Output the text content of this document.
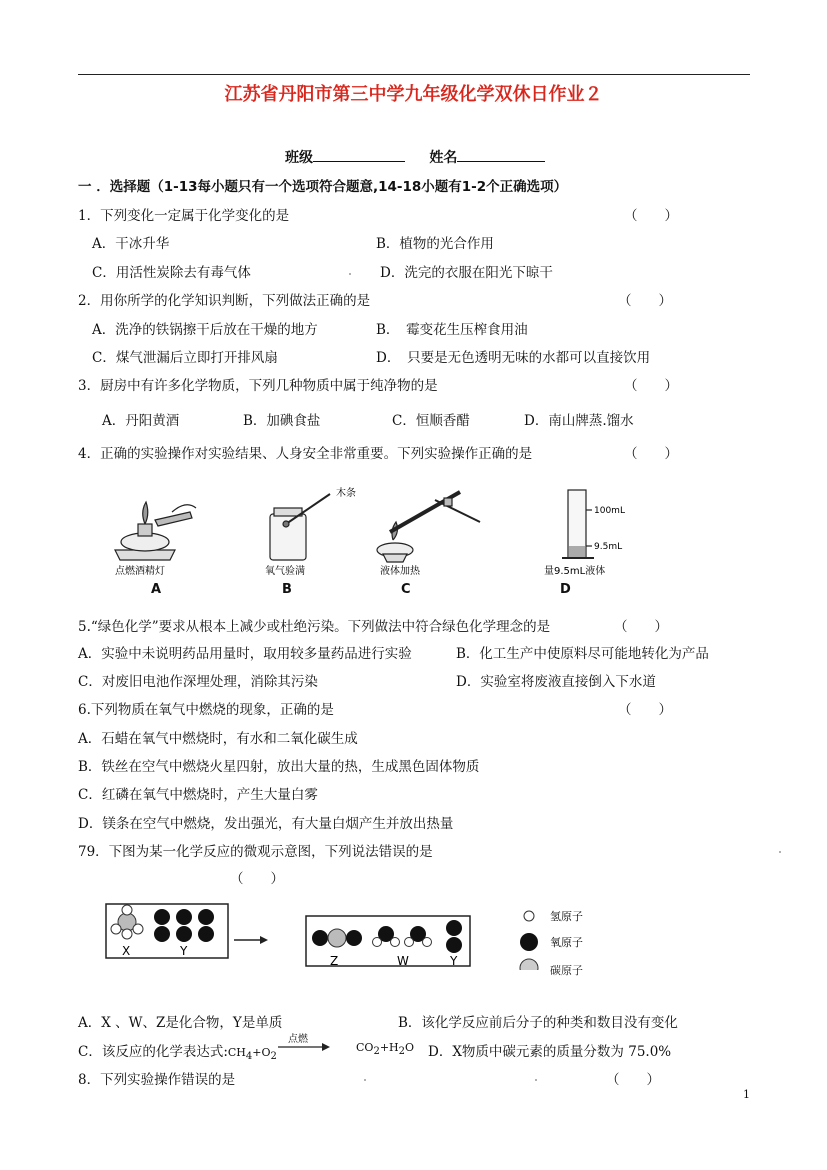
江苏省丹阳市第三中学九年级化学双休日作业２
班级	姓名
一 ．选择题（1-13每小题只有一个选项符合题意,14-18小题有1-2个正确选项）
1．下列变化一定属于化学变化的是	（　　）
A．干冰升华	B．植物的光合作用
C．用活性炭除去有毒气体	D．洗完的衣服在阳光下晾干
2．用你所学的化学知识判断，下列做法正确的是	（　　）
A．洗净的铁锅擦干后放在干燥的地方	B．　霉变花生压榨食用油
C．煤气泄漏后立即打开排风扇	D．　只要是无色透明无味的水都可以直接饮用
3．厨房中有许多化学物质，下列几种物质中属于纯净物的是	（　　）
A．丹阳黄酒	B．加碘食盐	C．恒顺香醋	D．南山牌蒸.馏水
4．正确的实验操作对实验结果、人身安全非常重要。下列实验操作正确的是	（　　）
点燃酒精灯
木条
氧气验满	液体加热
100mL
9.5mL
量9.5mL液体
A	B	C	D
5.“绿色化学”要求从根本上减少或杜绝污染。下列做法中符合绿色化学理念的是	（　　）
A．实验中未说明药品用量时，取用较多量药品进行实验	B．化工生产中使原料尽可能地转化为产品
C．对废旧电池作深埋处理，消除其污染	D．实验室将废液直接倒入下水道
6.下列物质在氧气中燃烧的现象，正确的是	（　　）
A．石蜡在氧气中燃烧时，有水和二氧化碳生成
B．铁丝在空气中燃烧火星四射，放出大量的热，生成黑色固体物质
C．红磷在氧气中燃烧时，产生大量白雾
D．镁条在空气中燃烧，发出强光，有大量白烟产生并放出热量
79．下图为某一化学反应的微观示意图，下列说法错误的是
（　　）
X	Y
Z	W	Y
氢原子
氧原子
碳原子
A．X 、W、Z是化合物，Y是单质	B．该化学反应前后分子的种类和数目没有变化
C．该反应的化学表达式:CH4+O2
点燃
CO2+H2O D．X物质中碳元素的质量分数为 75.0%
8．下列实验操作错误的是	（　　）
1
